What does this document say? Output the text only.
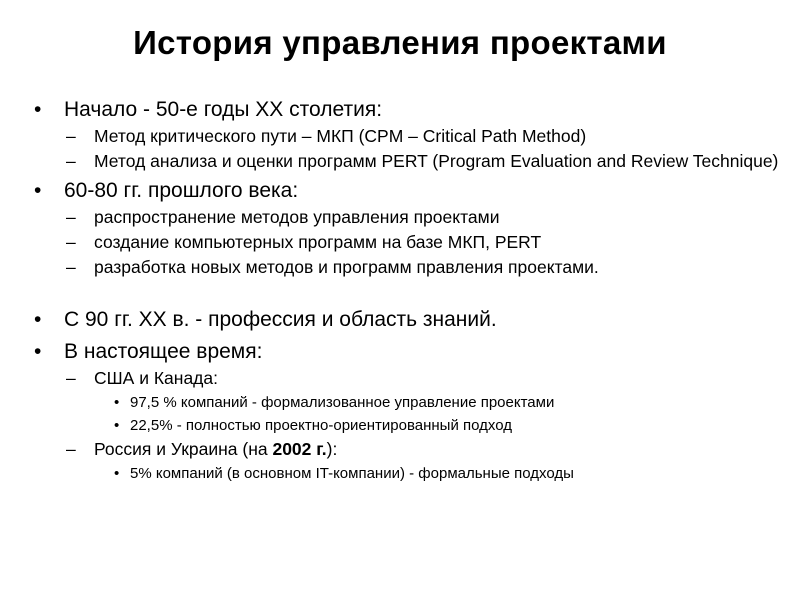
История управления проектами
• Начало - 50-е годы XX столетия:
– Метод критического пути – МКП (CPM – Critical Path Method)
– Метод анализа и оценки программ PERT (Program Evaluation and Review Technique)
• 60-80 гг. прошлого века:
– распространение методов управления проектами
– создание компьютерных программ на базе МКП, PERT
– разработка новых методов и программ правления проектами.
• С 90 гг. XX в. - профессия и область знаний.
• В настоящее время:
– США и Канада:
• 97,5 % компаний - формализованное управление проектами
• 22,5% - полностью проектно-ориентированный подход
– Россия и Украина (на 2002 г.):
• 5% компаний (в основном IT-компании) - формальные подходы
